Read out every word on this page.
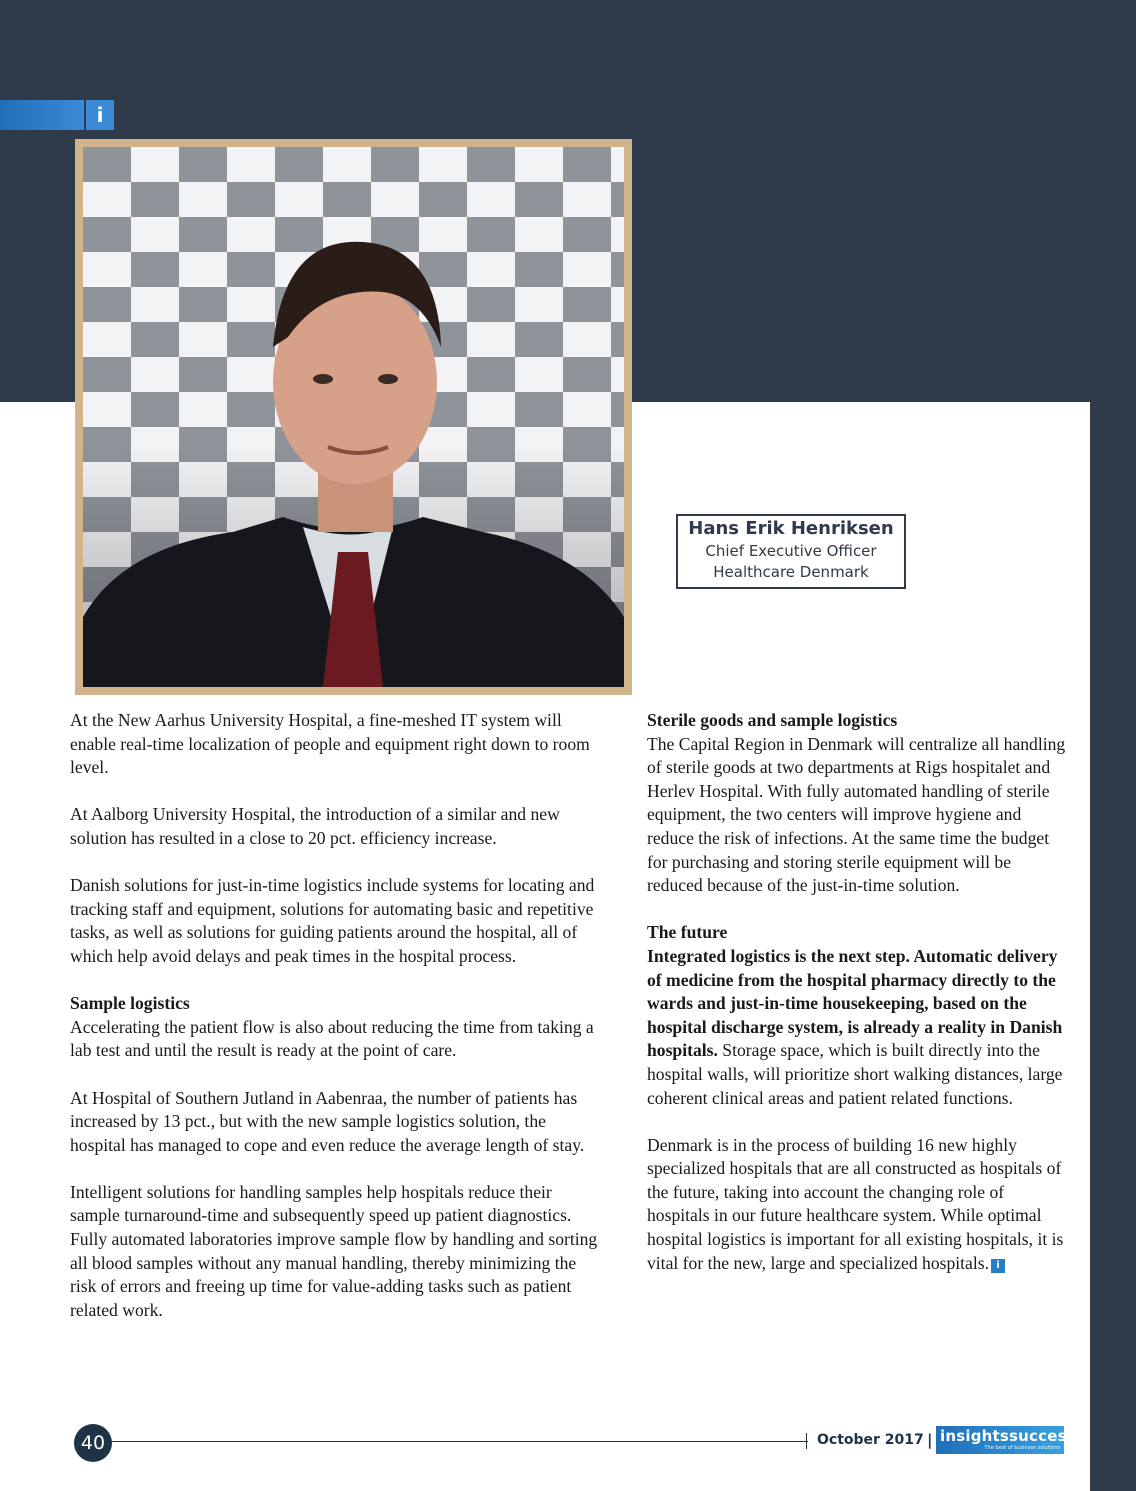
i
Hans Erik Henriksen
Chief Executive Officer
Healthcare Denmark

At the New Aarhus University Hospital, a fine-meshed IT system will enable real-time localization of people and equipment right down to room level.

At Aalborg University Hospital, the introduction of a similar and new solution has resulted in a close to 20 pct. efficiency increase.

Danish solutions for just-in-time logistics include systems for locating and tracking staff and equipment, solutions for automating basic and repetitive tasks, as well as solutions for guiding patients around the hospital, all of which help avoid delays and peak times in the hospital process.

Sample logistics

Accelerating the patient flow is also about reducing the time from taking a lab test and until the result is ready at the point of care.

At Hospital of Southern Jutland in Aabenraa, the number of patients has increased by 13 pct., but with the new sample logistics solution, the hospital has managed to cope and even reduce the average length of stay.

Intelligent solutions for handling samples help hospitals reduce their sample turnaround-time and subsequently speed up patient diagnostics. Fully automated laboratories improve sample flow by handling and sorting all blood samples without any manual handling, thereby minimizing the risk of errors and freeing up time for value-adding tasks such as patient related work.

Sterile goods and sample logistics

The Capital Region in Denmark will centralize all handling of sterile goods at two departments at Rigs hospitalet and Herlev Hospital. With fully automated handling of sterile equipment, the two centers will improve hygiene and reduce the risk of infections. At the same time the budget for purchasing and storing sterile equipment will be reduced because of the just-in-time solution.

The future

Integrated logistics is the next step. Automatic delivery of medicine from the hospital pharmacy directly to the wards and just-in-time housekeeping, based on the hospital discharge system, is already a reality in Danish hospitals. Storage space, which is built directly into the hospital walls, will prioritize short walking distances, large coherent clinical areas and patient related functions.

Denmark is in the process of building 16 new highly specialized hospitals that are all constructed as hospitals of the future, taking into account the changing role of hospitals in our future healthcare system. While optimal hospital logistics is important for all existing hospitals, it is vital for the new, large and specialized hospitals. i

40	October 2017 | insightssuccess
The best of business solutions
